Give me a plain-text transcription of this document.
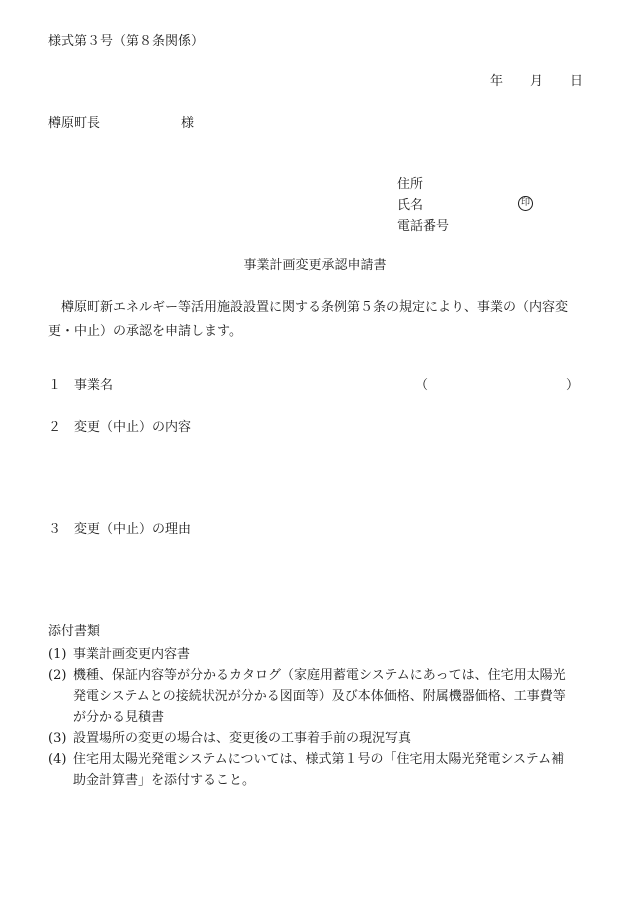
様式第３号（第８条関係）
年 月 日
樽原町長	様
住所
氏名	印
電話番号
事業計画変更承認申請書
　樽原町新エネルギー等活用施設設置に関する条例第５条の規定により、事業の（内容変
更・中止）の承認を申請します。
１ 事業名	（	）
２ 変更（中止）の内容
３ 変更（中止）の理由
添付書類
(1) 事業計画変更内容書
(2) 機種、保証内容等が分かるカタログ（家庭用蓄電システムにあっては、住宅用太陽光
発電システムとの接続状況が分かる図面等）及び本体価格、附属機器価格、工事費等
が分かる見積書
(3) 設置場所の変更の場合は、変更後の工事着手前の現況写真
(4) 住宅用太陽光発電システムについては、様式第１号の「住宅用太陽光発電システム補
助金計算書」を添付すること。
